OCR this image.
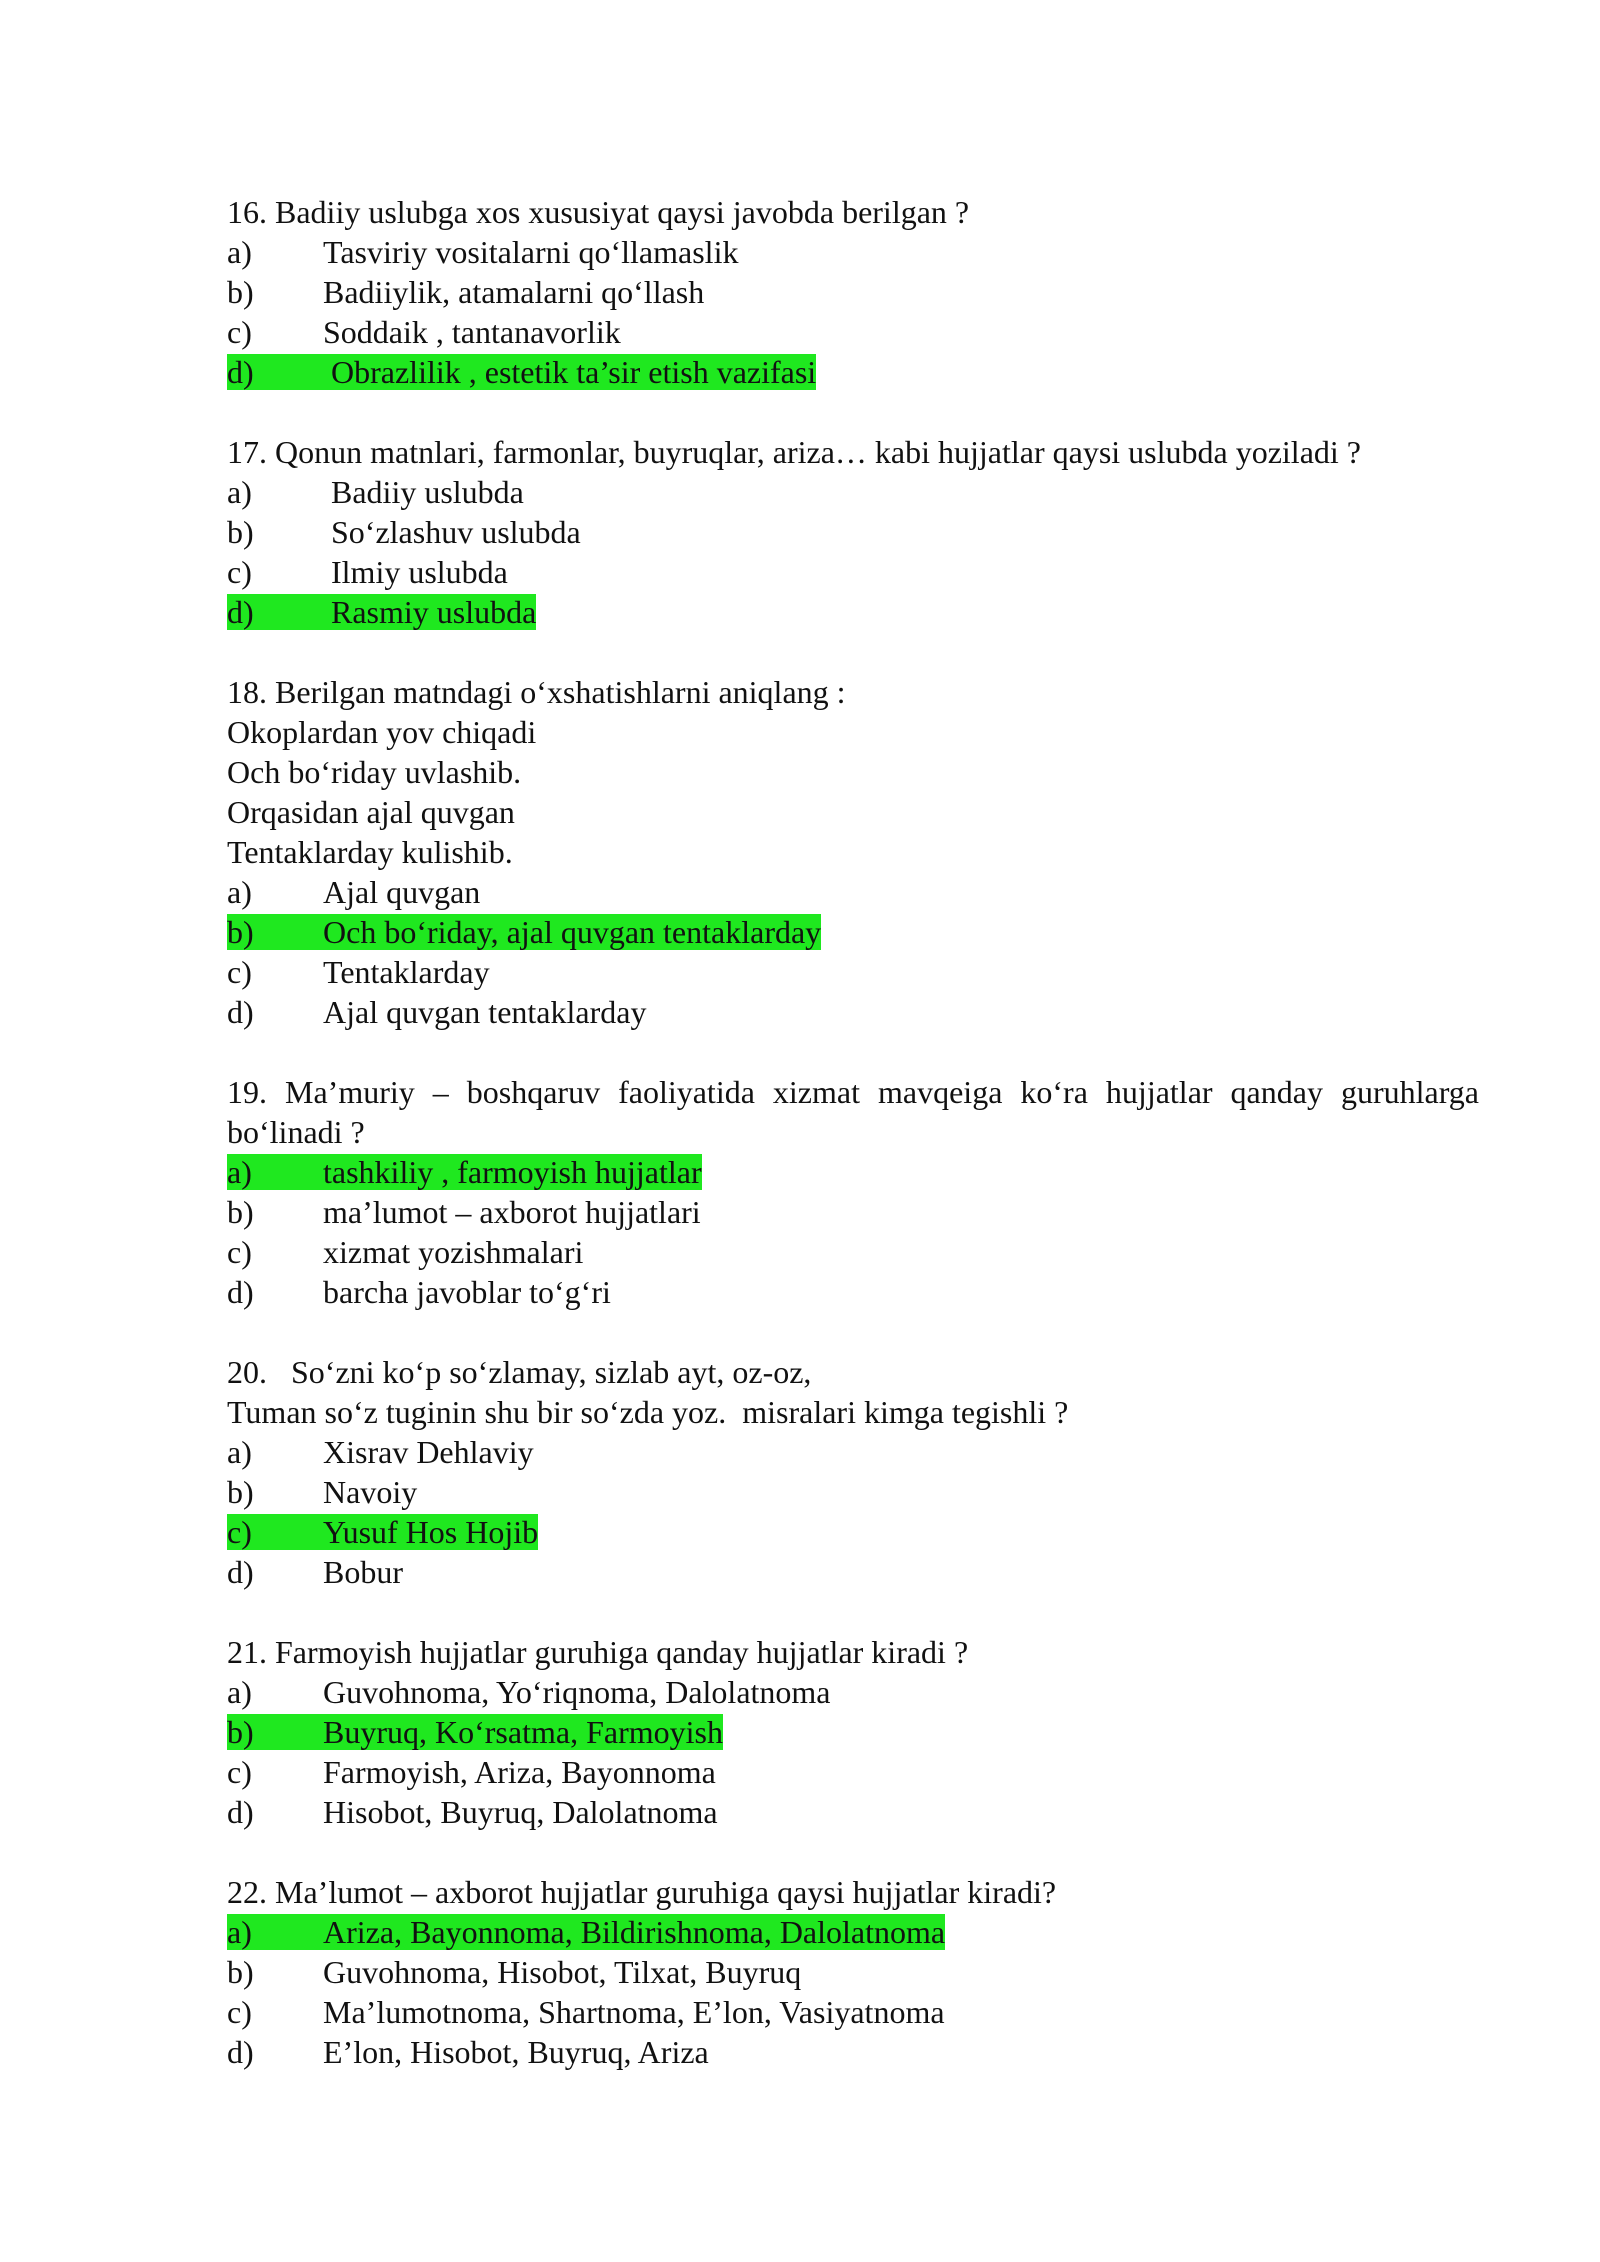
16. Badiiy uslubga xos xususiyat qaysi javobda berilgan ?
a) Tasviriy vositalarni qo‘llamaslik
b) Badiiylik, atamalarni qo‘llash
c) Soddaik , tantanavorlik
d) Obrazlilik , estetik ta’sir etish vazifasi
17. Qonun matnlari, farmonlar, buyruqlar, ariza… kabi hujjatlar qaysi uslubda yoziladi ?
a) Badiiy uslubda
b) So‘zlashuv uslubda
c) Ilmiy uslubda
d) Rasmiy uslubda
18. Berilgan matndagi o‘xshatishlarni aniqlang :
Okoplardan yov chiqadi
Och bo‘riday uvlashib.
Orqasidan ajal quvgan
Tentaklarday kulishib.
a) Ajal quvgan
b) Och bo‘riday, ajal quvgan tentaklarday
c) Tentaklarday
d) Ajal quvgan tentaklarday
19. Ma’muriy – boshqaruv faoliyatida xizmat mavqeiga ko‘ra hujjatlar qanday guruhlarga bo‘linadi ?
a) tashkiliy , farmoyish hujjatlar
b) ma’lumot – axborot hujjatlari
c) xizmat yozishmalari
d) barcha javoblar to‘g‘ri
20.   So‘zni ko‘p so‘zlamay, sizlab ayt, oz-oz,
Tuman so‘z tuginin shu bir so‘zda yoz.  misralari kimga tegishli ?
a) Xisrav Dehlaviy
b) Navoiy
c) Yusuf Hos Hojib
d) Bobur
21. Farmoyish hujjatlar guruhiga qanday hujjatlar kiradi ?
a) Guvohnoma, Yo‘riqnoma, Dalolatnoma
b) Buyruq, Ko‘rsatma, Farmoyish
c) Farmoyish, Ariza, Bayonnoma
d) Hisobot, Buyruq, Dalolatnoma
22. Ma’lumot – axborot hujjatlar guruhiga qaysi hujjatlar kiradi?
a) Ariza, Bayonnoma, Bildirishnoma, Dalolatnoma
b) Guvohnoma, Hisobot, Tilxat, Buyruq
c) Ma’lumotnoma, Shartnoma, E’lon, Vasiyatnoma
d) E’lon, Hisobot, Buyruq, Ariza
